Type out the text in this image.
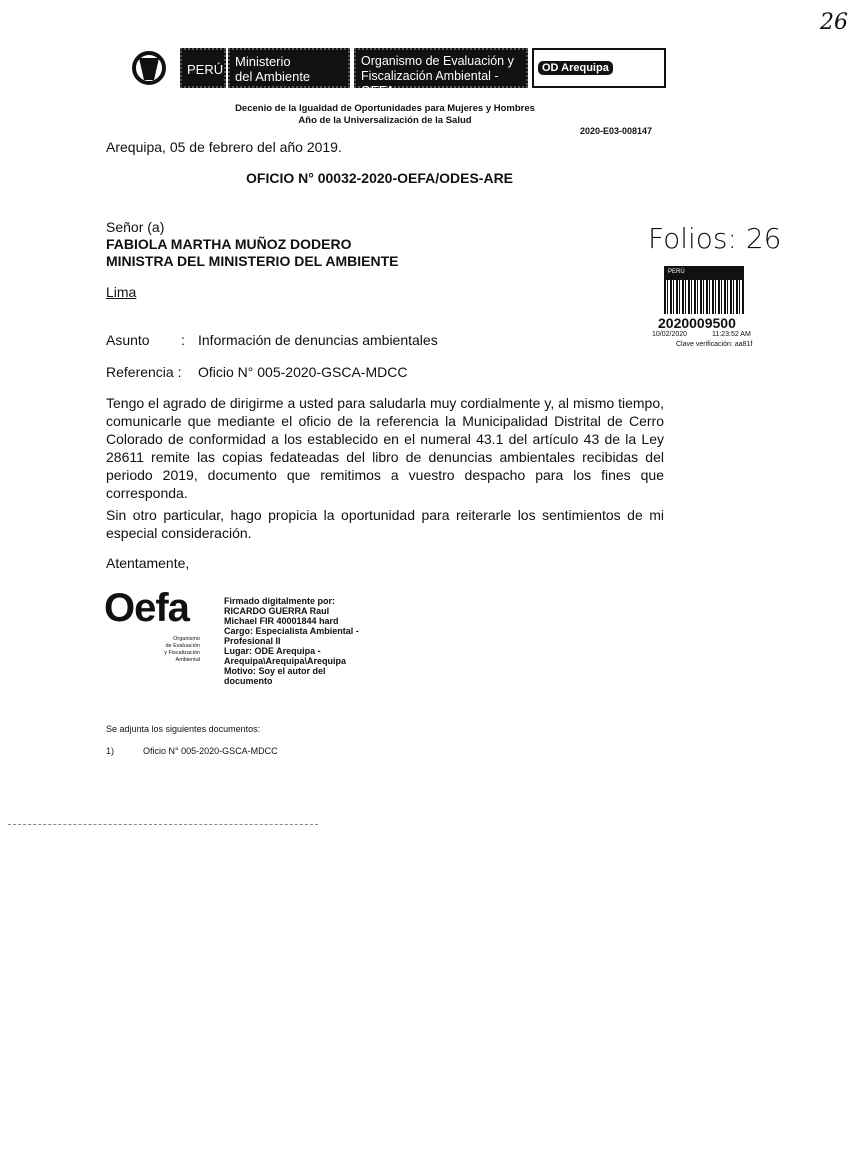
26
PERÚ
Ministerio
del Ambiente
Organismo de Evaluación y
Fiscalización Ambiental - OEFA
OD Arequipa
Decenio de la Igualdad de Oportunidades para Mujeres y Hombres
Año de la Universalización de la Salud
2020-E03-008147
Arequipa, 05 de febrero del año 2019.
OFICIO N° 00032-2020-OEFA/ODES-ARE
Señor (a)
FABIOLA MARTHA MUÑOZ DODERO
MINISTRA DEL MINISTERIO DEL AMBIENTE
Lima
Folios: 26
PERÚ
2020009500
10/02/2020	11:23:52 AM
Clave verificación: aa81f
Asunto : Información de denuncias ambientales
Referencia : Oficio N° 005-2020-GSCA-MDCC
Tengo el agrado de dirigirme a usted para saludarla muy cordialmente y, al mismo tiempo, comunicarle que mediante el oficio de la referencia la Municipalidad Distrital de Cerro Colorado de conformidad a los establecido en el numeral 43.1 del artículo 43 de la Ley 28611 remite las copias fedateadas del libro de denuncias ambientales recibidas del periodo 2019, documento que remitimos a vuestro despacho para los fines que corresponda.
Sin otro particular, hago propicia la oportunidad para reiterarle los sentimientos de mi especial consideración.
Atentamente,
Oefa
Organismo
de Evaluación
y Fiscalización
Ambiental
Firmado digitalmente por:
RICARDO GUERRA Raul
Michael FIR 40001844 hard
Cargo: Especialista Ambiental -
Profesional II
Lugar: ODE Arequipa -
Arequipa\Arequipa\Arequipa
Motivo: Soy el autor del
documento
Se adjunta los siguientes documentos:
1)	Oficio N° 005-2020-GSCA-MDCC
